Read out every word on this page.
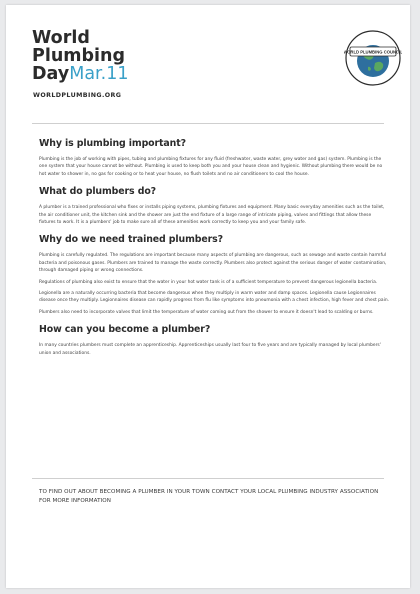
World
Plumbing
DayMar.11
WORLDPLUMBING.ORG
WORLD PLUMBING COUNCIL
Why is plumbing important?

Plumbing is the job of working with pipes, tubing and plumbing fixtures for any fluid (freshwater, waste water, grey water and gas) system. Plumbing is the one system that your house cannot be without. Plumbing is used to keep both you and your house clean and hygienic. Without plumbing there would be no hot water to shower in, no gas for cooking or to heat your house, no flush toilets and no air conditioners to cool the house.

What do plumbers do?

A plumber is a trained professional who fixes or installs piping systems, plumbing fixtures and equipment. Many basic everyday amenities such as the toilet, the air conditioner unit, the kitchen sink and the shower are just the end fixture of a large range of intricate piping, valves and fittings that allow these fixtures to work. It is a plumbers' job to make sure all of these amenities work correctly to keep you and your family safe.

Why do we need trained plumbers?

Plumbing is carefully regulated. The regulations are important because many aspects of plumbing are dangerous, such as sewage and waste contain harmful bacteria and poisonous gases. Plumbers are trained to manage the waste correctly. Plumbers also protect against the serious danger of water contamination, through damaged piping or wrong connections.

Regulations of plumbing also exist to ensure that the water in your hot water tank is of a sufficient temperature to prevent dangerous legionella bacteria.

Legionella are a naturally occurring bacteria that become dangerous when they multiply in warm water and damp spaces. Legionella cause Legionnaires disease once they multiply. Legionnaires disease can rapidly progress from flu like symptoms into pneumonia with a chest infection, high fever and chest pain.

Plumbers also need to incorporate valves that limit the temperature of water coming out from the shower to ensure it doesn't lead to scalding or burns.

How can you become a plumber?

In many countries plumbers must complete an apprenticeship. Apprenticeships usually last four to five years and are typically managed by local plumbers' union and associations.

TO FIND OUT ABOUT BECOMING A PLUMBER IN YOUR TOWN CONTACT YOUR LOCAL PLUMBING INDUSTRY ASSOCIATION FOR MORE INFORMATION
